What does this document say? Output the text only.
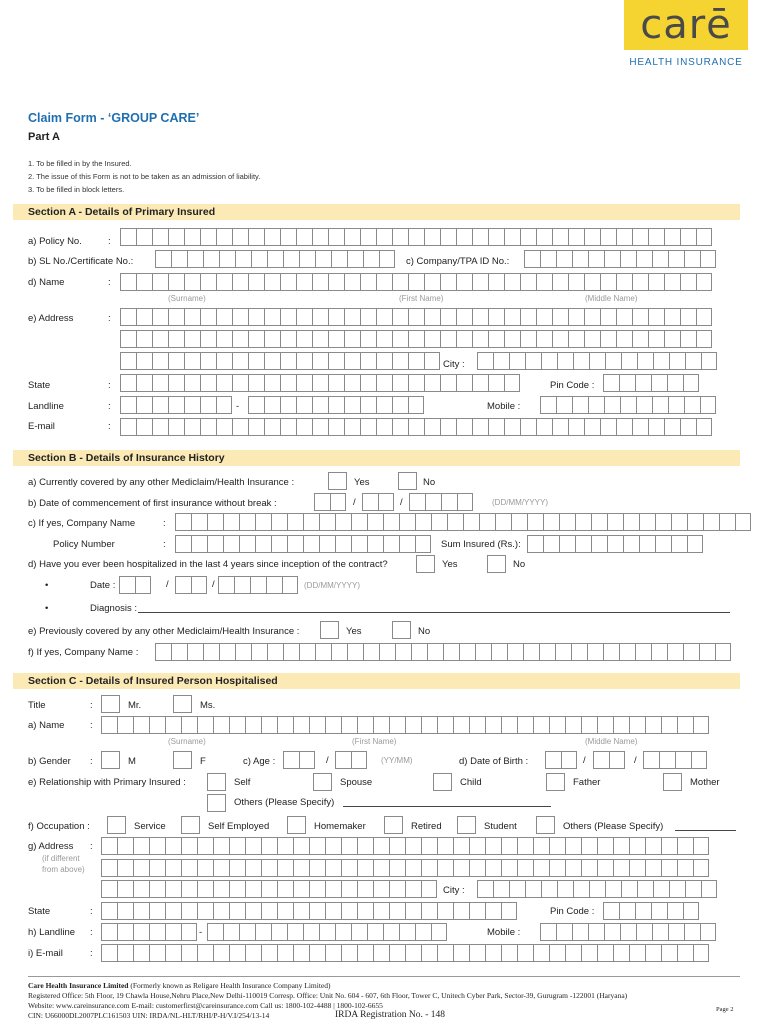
carē
HEALTH INSURANCE
Claim Form - ‘GROUP CARE’
Part A
1. To be filled in by the Insured.
2. The issue of this Form is not to be taken as an admission of liability.
3. To be filled in block letters.
Section A - Details of Primary Insured
a) Policy No.	:
b) SL No./Certificate No.:	c) Company/TPA ID No.:
d) Name	:
(Surname)	(First Name)	(Middle Name)
e) Address	:
City :
State	:	Pin Code :
Landline	:	-	Mobile :
E-mail	:
Section B - Details of Insurance History
a) Currently covered by any other Mediclaim/Health Insurance :	Yes	No
b) Date of commencement of first insurance without break :	/	/	(DD/MM/YYYY)
c) If yes, Company Name	:
Policy Number	:	Sum Insured (Rs.):
d) Have you ever been hospitalized in the last 4 years since inception of the contract?	Yes	No
•	Date :	/	/	(DD/MM/YYYY)
•	Diagnosis :
e) Previously covered by any other Mediclaim/Health Insurance :	Yes	No
f) If yes, Company Name :
Section C - Details of Insured Person Hospitalised
Title	:	Mr.	Ms.
a) Name	:
(Surname)	(First Name)	(Middle Name)
b) Gender :	M	F	c) Age :	/	(YY/MM)	d) Date of Birth :	/	/
e) Relationship with Primary Insured :	Self	Spouse	Child	Father	Mother
Others (Please Specify)
f) Occupation :	Service	Self Employed	Homemaker	Retired	Student	Others (Please Specify)
g) Address
(if different
from above)
:
City :
State	:	Pin Code :
h) Landline :	-	Mobile :
i) E-mail	:
Care Health Insurance Limited (Formerly known as Religare Health Insurance Company Limited)
Registered Office: 5th Floor, 19 Chawla House,Nehru Place,New Delhi-110019 Corresp. Office: Unit No. 604 - 607, 6th Floor, Tower C, Unitech Cyber Park, Sector-39, Gurugram -122001 (Haryana)
Website: www.careinsurance.com E-mail: customerfirst@careinsurance.com Call us: 1800-102-4488 | 1800-102-6655
CIN: U66000DL2007PLC161503 UIN: IRDA/NL-HLT/RHI/P-H/V.I/254/13-14	IRDA Registration No. - 148
Page 2
